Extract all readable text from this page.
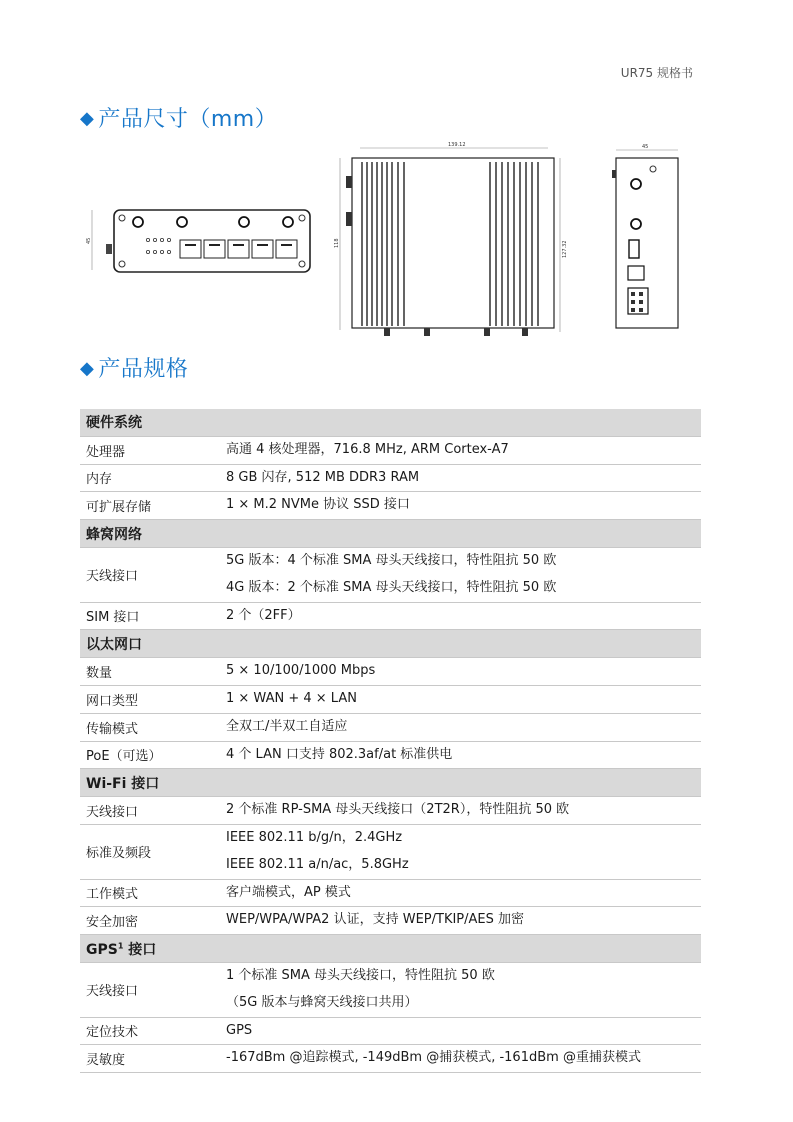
UR75 规格书
◆ 产品尺寸（mm）
45
139.12
118	127.32
45
◆ 产品规格
硬件系统	
处理器	高通 4 核处理器，716.8 MHz, ARM Cortex-A7

内存	8 GB 闪存, 512 MB DDR3 RAM

可扩展存储	1 × M.2 NVMe 协议 SSD 接口

蜂窝网络	
天线接口	5G 版本：4 个标准 SMA 母头天线接口，特性阻抗 50 欧
4G 版本：2 个标准 SMA 母头天线接口，特性阻抗 50 欧

SIM 接口	2 个（2FF）

以太网口	
数量	5 × 10/100/1000 Mbps

网口类型	1 × WAN + 4 × LAN

传输模式	全双工/半双工自适应

PoE（可选）	4 个 LAN 口支持 802.3af/at 标准供电

Wi-Fi 接口	
天线接口	2 个标准 RP-SMA 母头天线接口（2T2R），特性阻抗 50 欧

标准及频段	IEEE 802.11 b/g/n，2.4GHz
IEEE 802.11 a/n/ac，5.8GHz

工作模式	客户端模式，AP 模式

安全加密	WEP/WPA/WPA2 认证，支持 WEP/TKIP/AES 加密

GPS$^1$ 接口	
天线接口	1 个标准 SMA 母头天线接口，特性阻抗 50 欧
（5G 版本与蜂窝天线接口共用）

定位技术	GPS

灵敏度	-167dBm @追踪模式, -149dBm @捕获模式, -161dBm @重捕获模式
